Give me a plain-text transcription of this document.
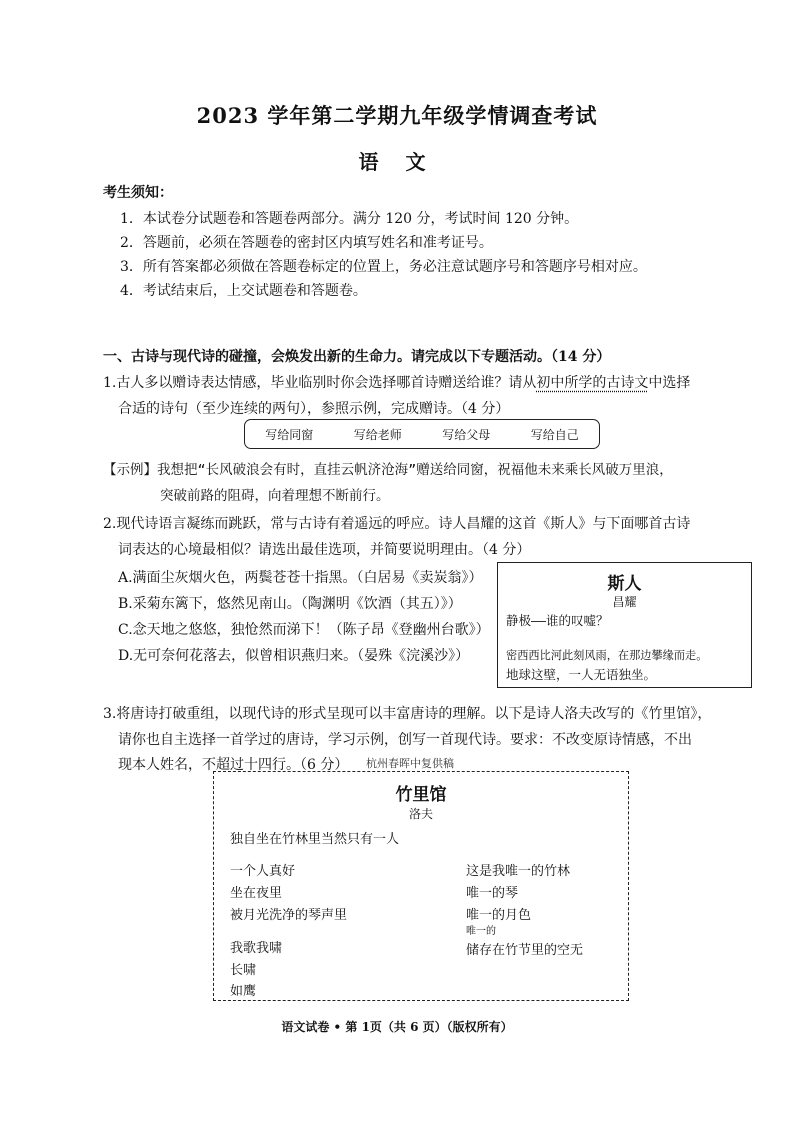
2023 学年第二学期九年级学情调查考试
语 文
考生须知：
1．本试卷分试题卷和答题卷两部分。满分 120 分，考试时间 120 分钟。
2．答题前，必须在答题卷的密封区内填写姓名和准考证号。
3．所有答案都必须做在答题卷标定的位置上，务必注意试题序号和答题序号相对应。
4．考试结束后，上交试题卷和答题卷。
一、古诗与现代诗的碰撞，会焕发出新的生命力。请完成以下专题活动。（14 分）
1.古人多以赠诗表达情感，毕业临别时你会选择哪首诗赠送给谁？请从初中所学的古诗文中选择
合适的诗句（至少连续的两句），参照示例，完成赠诗。（4 分）
写给同窗	写给老师	写给父母	写给自己
【示例】我想把“长风破浪会有时，直挂云帆济沧海”赠送给同窗，祝福他未来乘长风破万里浪，
突破前路的阻碍，向着理想不断前行。
2.现代诗语言凝练而跳跃，常与古诗有着遥远的呼应。诗人昌耀的这首《斯人》与下面哪首古诗
词表达的心境最相似？请选出最佳选项，并简要说明理由。（4 分）
A.满面尘灰烟火色，两鬓苍苍十指黑。（白居易《卖炭翁》）
B.采菊东篱下，悠然见南山。（陶渊明《饮酒（其五）》）
C.念天地之悠悠，独怆然而涕下！（陈子昂《登幽州台歌》）
D.无可奈何花落去，似曾相识燕归来。（晏殊《浣溪沙》）
斯人
昌耀
静极——谁的叹嘘？
密西西比河此刻风雨，在那边攀缘而走。
地球这壁，一人无语独坐。
3.将唐诗打破重组，以现代诗的形式呈现可以丰富唐诗的理解。以下是诗人洛夫改写的《竹里馆》，
请你也自主选择一首学过的唐诗，学习示例，创写一首现代诗。要求：不改变原诗情感，不出
现本人姓名，不超过十四行。（6 分） 杭州春晖中复供稿
竹里馆
洛夫
独自坐在竹林里当然只有一人
一个人真好
坐在夜里
被月光洗净的琴声里
我歌我啸
长啸
如鹰
这是我唯一的竹林
唯一的琴
唯一的月色
唯一的
储存在竹节里的空无
语文试卷 • 第 1页（共 6 页）（版权所有）
